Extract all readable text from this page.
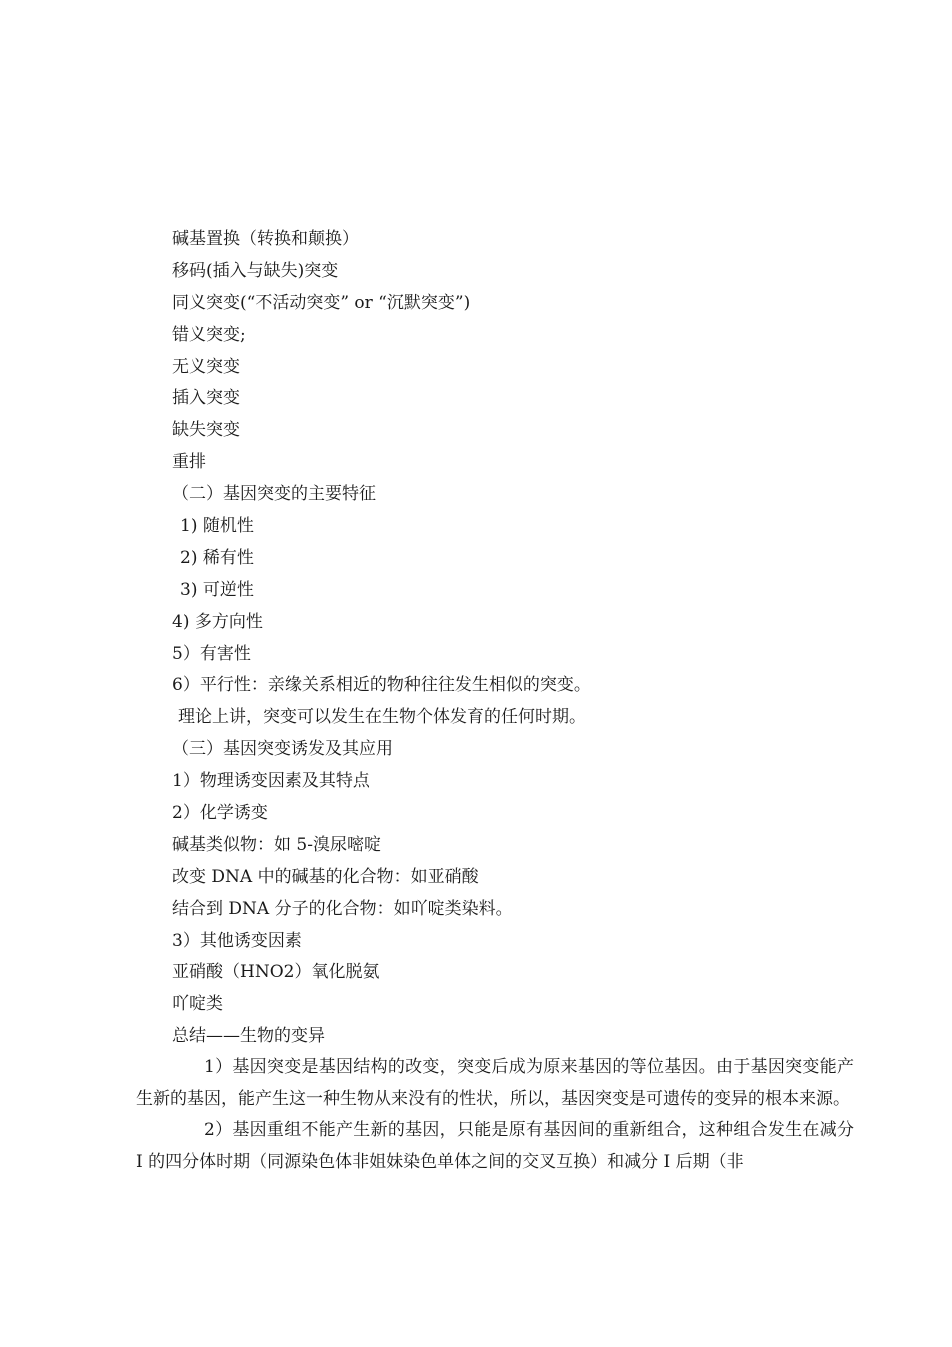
碱基置换（转换和颠换）
移码(插入与缺失)突变
同义突变(“不活动突变” or “沉默突变”)
错义突变;
无义突变
插入突变
缺失突变
重排
（二）基因突变的主要特征
1) 随机性
2) 稀有性
3) 可逆性
4) 多方向性
5）有害性
6）平行性：亲缘关系相近的物种往往发生相似的突变。
理论上讲，突变可以发生在生物个体发育的任何时期。
（三）基因突变诱发及其应用
1）物理诱变因素及其特点
2）化学诱变
碱基类似物：如 5-溴尿嘧啶
改变 DNA 中的碱基的化合物：如亚硝酸
结合到 DNA 分子的化合物：如吖啶类染料。
3）其他诱变因素
亚硝酸（HNO2）氧化脱氨
吖啶类
总结——生物的变异

1）基因突变是基因结构的改变，突变后成为原来基因的等位基因。由于基因突变能产生新的基因，能产生这一种生物从来没有的性状，所以，基因突变是可遗传的变异的根本来源。

2）基因重组不能产生新的基因，只能是原有基因间的重新组合，这种组合发生在减分 I 的四分体时期（同源染色体非姐妹染色单体之间的交叉互换）和减分 I 后期（非
